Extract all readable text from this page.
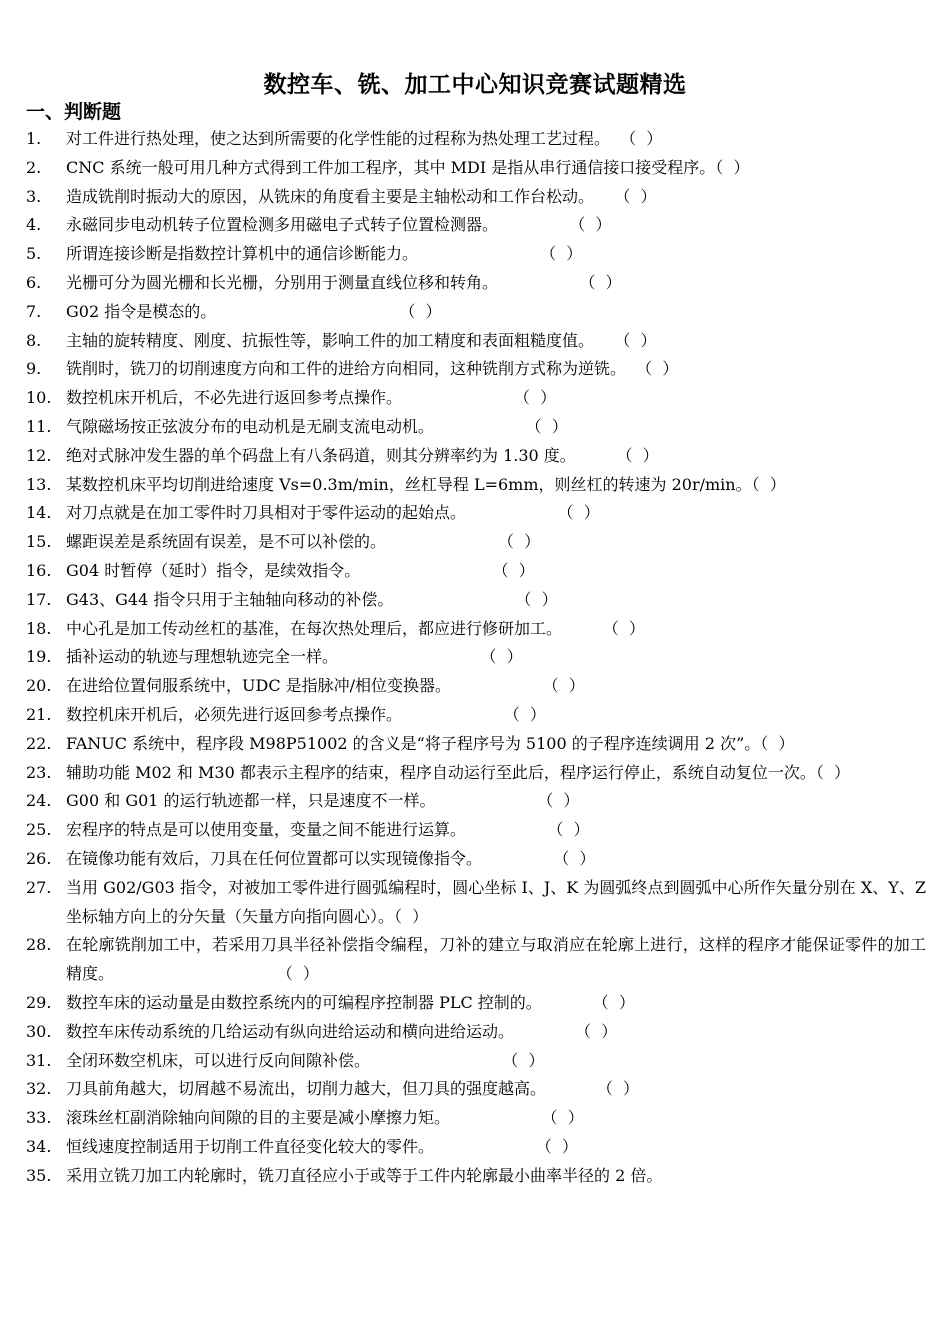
数控车、铣、加工中心知识竞赛试题精选
一、判断题
1.	对工件进行热处理，使之达到所需要的化学性能的过程称为热处理工艺过程。  （  ）
2.	CNC 系统一般可用几种方式得到工件加工程序，其中 MDI 是指从串行通信接口接受程序。（  ）
3.	造成铣削时振动大的原因，从铣床的角度看主要是主轴松动和工作台松动。    （  ）
4.	永磁同步电动机转子位置检测多用磁电子式转子位置检测器。              （  ）
5.	所谓连接诊断是指数控计算机中的通信诊断能力。                        （  ）
6.	光栅可分为圆光栅和长光栅，分别用于测量直线位移和转角。                （  ）
7.	G02 指令是模态的。                                    （  ）
8.	主轴的旋转精度、刚度、抗振性等，影响工件的加工精度和表面粗糙度值。    （  ）
9.	铣削时，铣刀的切削速度方向和工件的进给方向相同，这种铣削方式称为逆铣。  （  ）
10. 数控机床开机后，不必先进行返回参考点操作。                      （  ）
11. 气隙磁场按正弦波分布的电动机是无刷支流电动机。                  （  ）
12. 绝对式脉冲发生器的单个码盘上有八条码道，则其分辨率约为 1.30 度。        （  ）
13. 某数控机床平均切削进给速度 Vs=0.3m/min，丝杠导程 L=6mm，则丝杠的转速为 20r/min。（  ）
14. 对刀点就是在加工零件时刀具相对于零件运动的起始点。                  （  ）
15. 螺距误差是系统固有误差，是不可以补偿的。                      （  ）
16. G04 时暂停（延时）指令，是续效指令。                          （  ）
17. G43、G44 指令只用于主轴轴向移动的补偿。                        （  ）
18. 中心孔是加工传动丝杠的基准，在每次热处理后，都应进行修研加工。        （  ）
19. 插补运动的轨迹与理想轨迹完全一样。                            （  ）
20. 在进给位置伺服系统中，UDC 是指脉冲/相位变换器。                  （  ）
21. 数控机床开机后，必须先进行返回参考点操作。                    （  ）
22. FANUC 系统中，程序段 M98P51002 的含义是“将子程序号为 5100 的子程序连续调用 2 次”。（  ）
23. 辅助功能 M02 和 M30 都表示主程序的结束，程序自动运行至此后，程序运行停止，系统自动复位一次。（  ）
24. G00 和 G01 的运行轨迹都一样，只是速度不一样。                    （  ）
25. 宏程序的特点是可以使用变量，变量之间不能进行运算。                （  ）
26. 在镜像功能有效后，刀具在任何位置都可以实现镜像指令。              （  ）
27. 当用 G02/G03 指令，对被加工零件进行圆弧编程时，圆心坐标 I、J、K 为圆弧终点到圆弧中心所作矢量分别在 X、Y、Z 坐标轴方向上的分矢量（矢量方向指向圆心）。（  ）
28. 在轮廓铣削加工中，若采用刀具半径补偿指令编程，刀补的建立与取消应在轮廓上进行，这样的程序才能保证零件的加工精度。                                （  ）
29. 数控车床的运动量是由数控系统内的可编程序控制器 PLC 控制的。          （  ）
30. 数控车床传动系统的几给运动有纵向进给运动和横向进给运动。            （  ）
31. 全闭环数空机床，可以进行反向间隙补偿。                          （  ）
32. 刀具前角越大，切屑越不易流出，切削力越大，但刀具的强度越高。          （  ）
33. 滚珠丝杠副消除轴向间隙的目的主要是减小摩擦力矩。                  （  ）
34. 恒线速度控制适用于切削工件直径变化较大的零件。                    （  ）
35. 采用立铣刀加工内轮廓时，铣刀直径应小于或等于工件内轮廓最小曲率半径的 2 倍。
